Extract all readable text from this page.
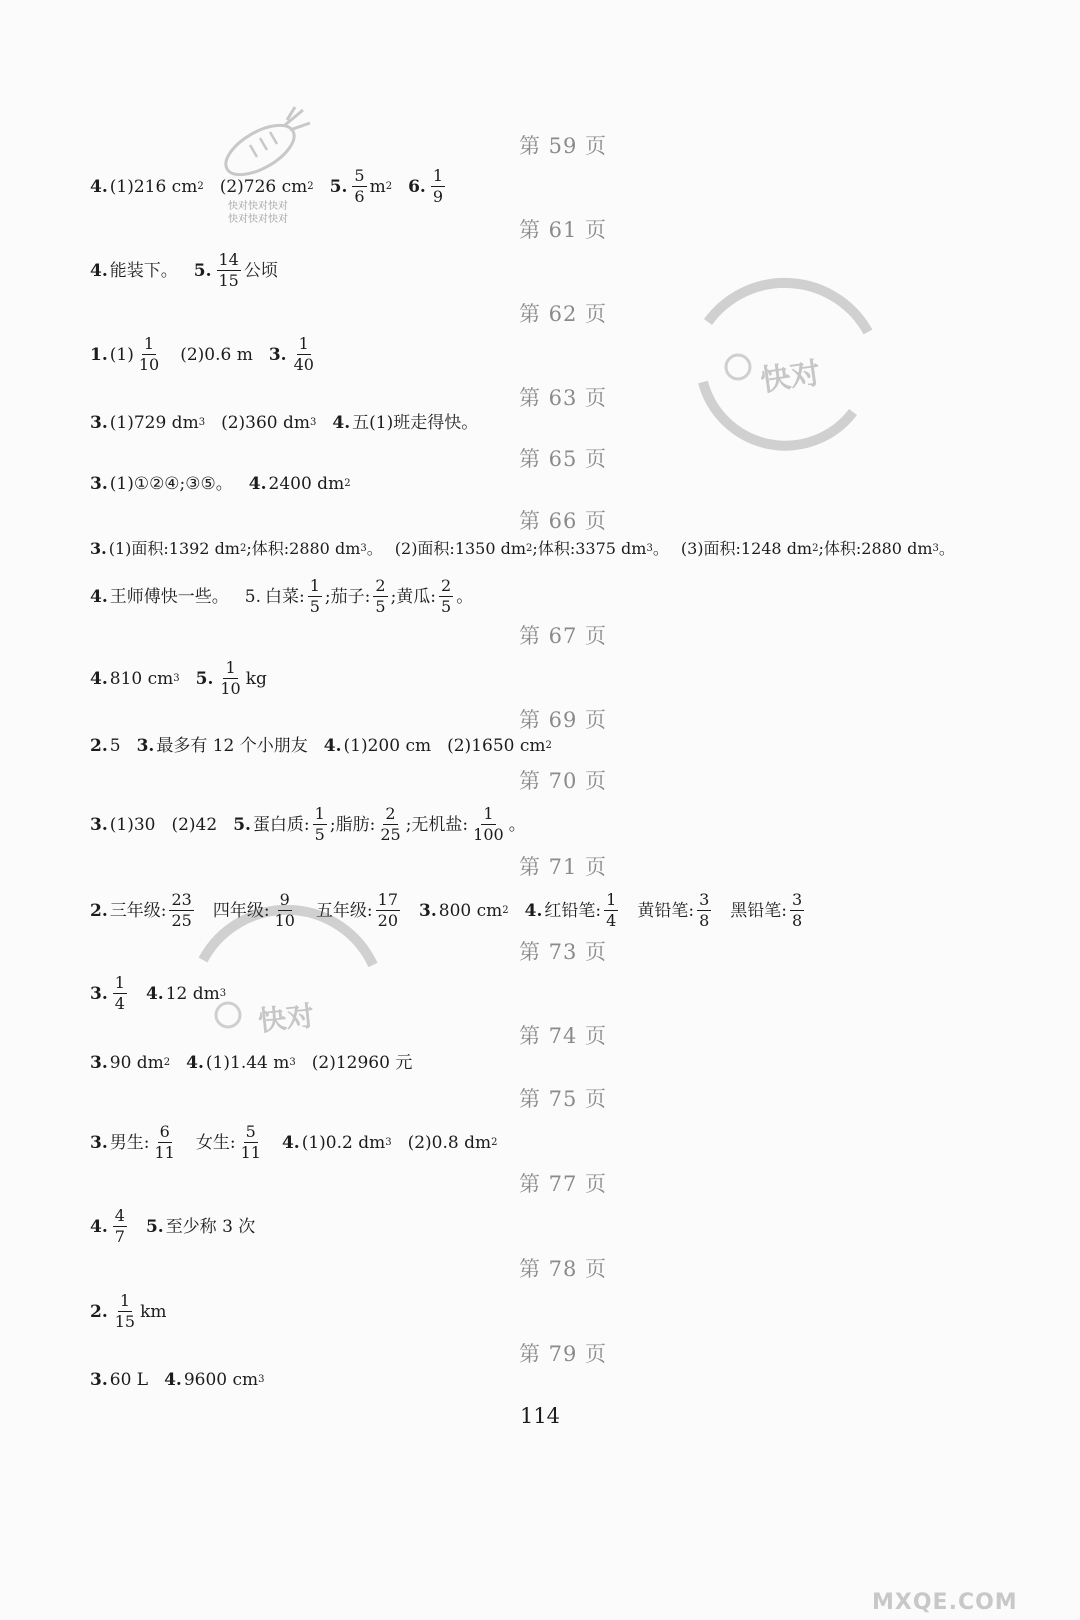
快对快对快对
快对快对快对
快对
快对
MXQE.COM
第 59 页
第 61 页
第 62 页
第 63 页
第 65 页
第 66 页
第 67 页
第 69 页
第 70 页
第 71 页
第 73 页
第 74 页
第 75 页
第 77 页
第 78 页
第 79 页
4. (1)216 cm 2 (2)726 cm 2 5. $\frac{5}{6}$ m 2 6. $\frac{1}{9}$
4. 能装下。 5. $\frac{14}{15}$ 公顷
1. $(1) \frac{1}{10} (2)0.6$ m 3. $\frac{1}{40}$
3. (1)729 dm 3 (2)360 dm 3 4. 五(1)班走得快。
3. (1)①②④;③⑤。 4. 2400 dm 2
3. (1)面积:1392 dm 2 ;体积:2880 dm 3 。 (2)面积:1350 dm 2 ;体积:3375 dm 3 。 (3)面积:1248 dm 2 ;体积:2880 dm 3 。
4. 王师傅快一些。 5. 白菜: $\frac{1}{5}$ ; 茄子: $\frac{2}{5}$ ; 黄瓜: $\frac{2}{5}$ 。
4. 810 cm 3 5. $\frac{1}{10}$ kg
2. 5 3. 最多有 12 个小朋友 4. (1)200 cm (2)1650 cm 2
3. (1)30 (2)42 5. 蛋白质: $\frac{1}{5}$ ; 脂肪: $\frac{2}{25}$ ; 无机盐: $\frac{1}{100}$ 。
2. 三年级: $\frac{23}{25}$ 四年级: $\frac{9}{10}$ 五年级: $\frac{17}{20} 3$. 800 cm 2 4. 红铅笔: $\frac{1}{4}$ 黄铅笔: $\frac{3}{8}$ 黑铅笔: $\frac{3}{8}$
3. $\frac{1}{4} 4$. 12 dm 3
3. 90 dm 2 4. (1)1.44 m 3 (2)12960 元
3. 男生: $\frac{6}{11}$ 女生: $\frac{5}{11} 4$. (1)0.2 dm 3 (2)0.8 dm 2
4. $\frac{4}{7} 5$. 至少称 3 次
2. $\frac{1}{15}$ km
3. 60 L 4. 9600 cm 3
114
